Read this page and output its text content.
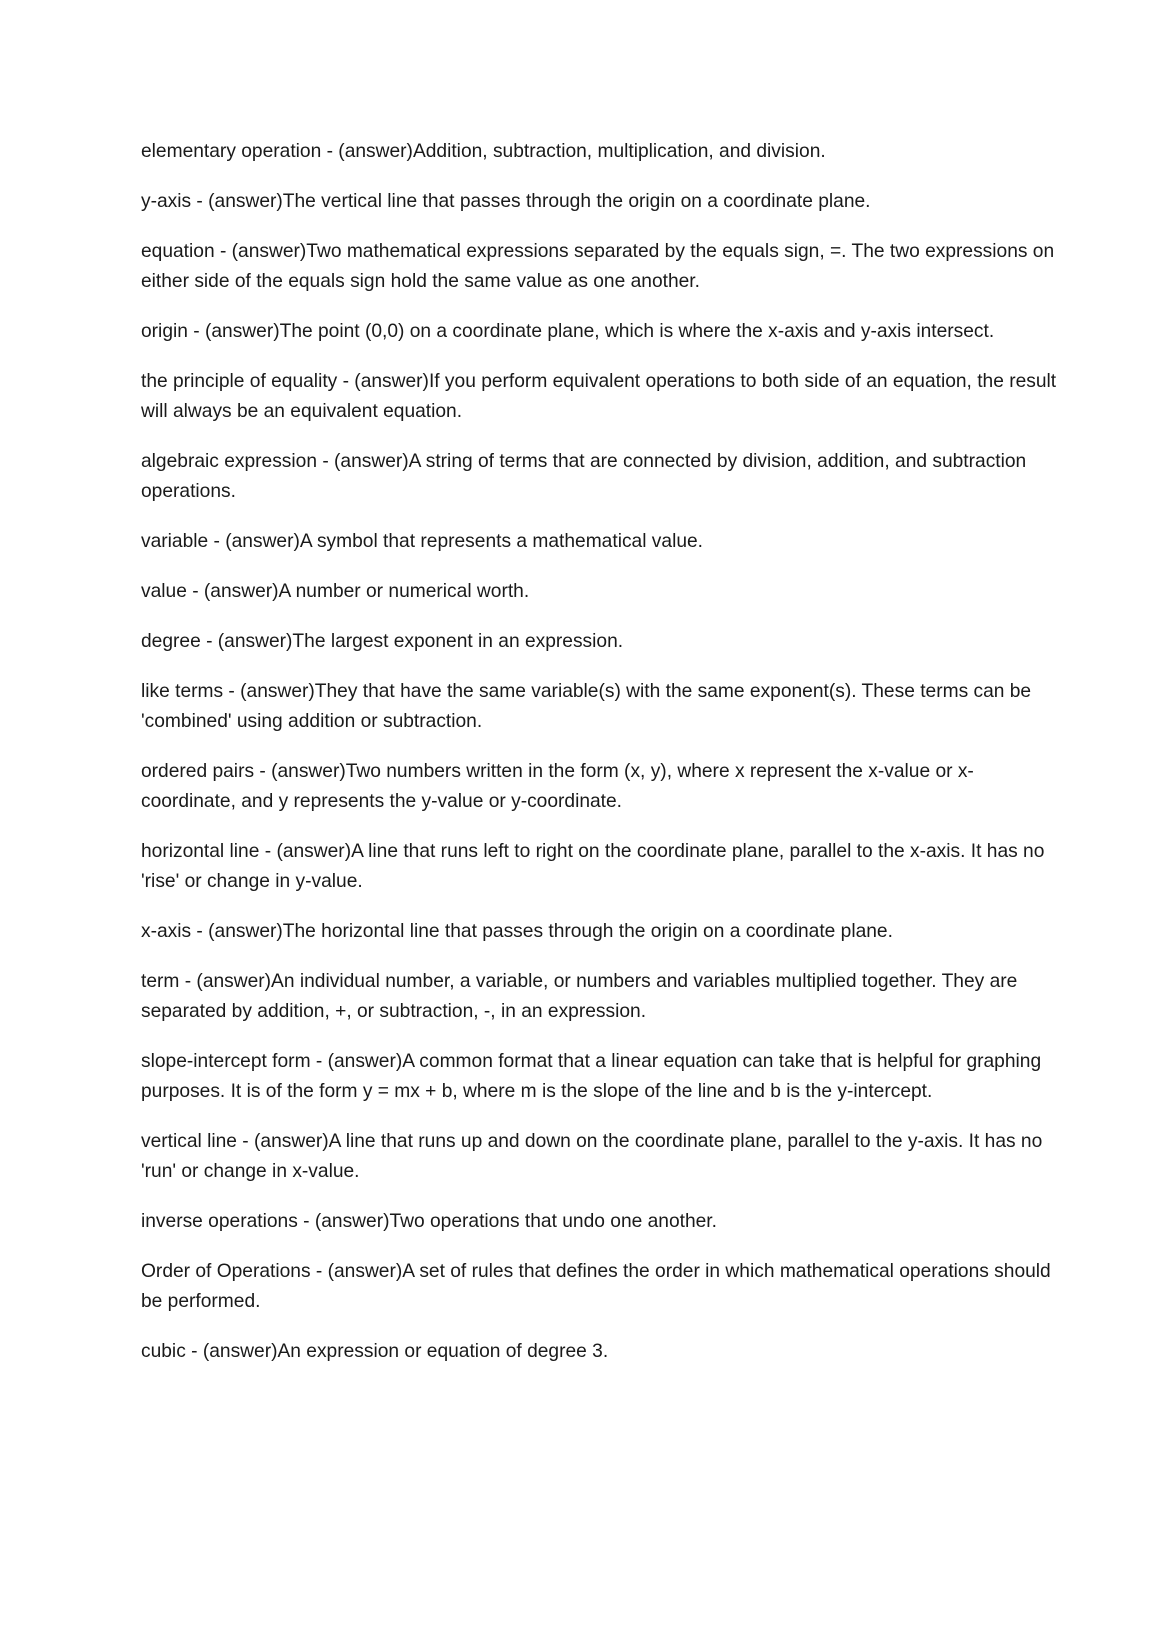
elementary operation - (answer)Addition, subtraction, multiplication, and division.

y-axis - (answer)The vertical line that passes through the origin on a coordinate plane.

equation - (answer)Two mathematical expressions separated by the equals sign, =. The two expressions on either side of the equals sign hold the same value as one another.

origin - (answer)The point (0,0) on a coordinate plane, which is where the x-axis and y-axis intersect.

the principle of equality - (answer)If you perform equivalent operations to both side of an equation, the result will always be an equivalent equation.

algebraic expression - (answer)A string of terms that are connected by division, addition, and subtraction operations.

variable - (answer)A symbol that represents a mathematical value.

value - (answer)A number or numerical worth.

degree - (answer)The largest exponent in an expression.

like terms - (answer)They that have the same variable(s) with the same exponent(s). These terms can be 'combined' using addition or subtraction.

ordered pairs - (answer)Two numbers written in the form (x, y), where x represent the x-value or x-coordinate, and y represents the y-value or y-coordinate.

horizontal line - (answer)A line that runs left to right on the coordinate plane, parallel to the x-axis. It has no 'rise' or change in y-value.

x-axis - (answer)The horizontal line that passes through the origin on a coordinate plane.

term - (answer)An individual number, a variable, or numbers and variables multiplied together. They are separated by addition, +, or subtraction, -, in an expression.

slope-intercept form - (answer)A common format that a linear equation can take that is helpful for graphing purposes. It is of the form y = mx + b, where m is the slope of the line and b is the y-intercept.

vertical line - (answer)A line that runs up and down on the coordinate plane, parallel to the y-axis. It has no 'run' or change in x-value.

inverse operations - (answer)Two operations that undo one another.

Order of Operations - (answer)A set of rules that defines the order in which mathematical operations should be performed.

cubic - (answer)An expression or equation of degree 3.
